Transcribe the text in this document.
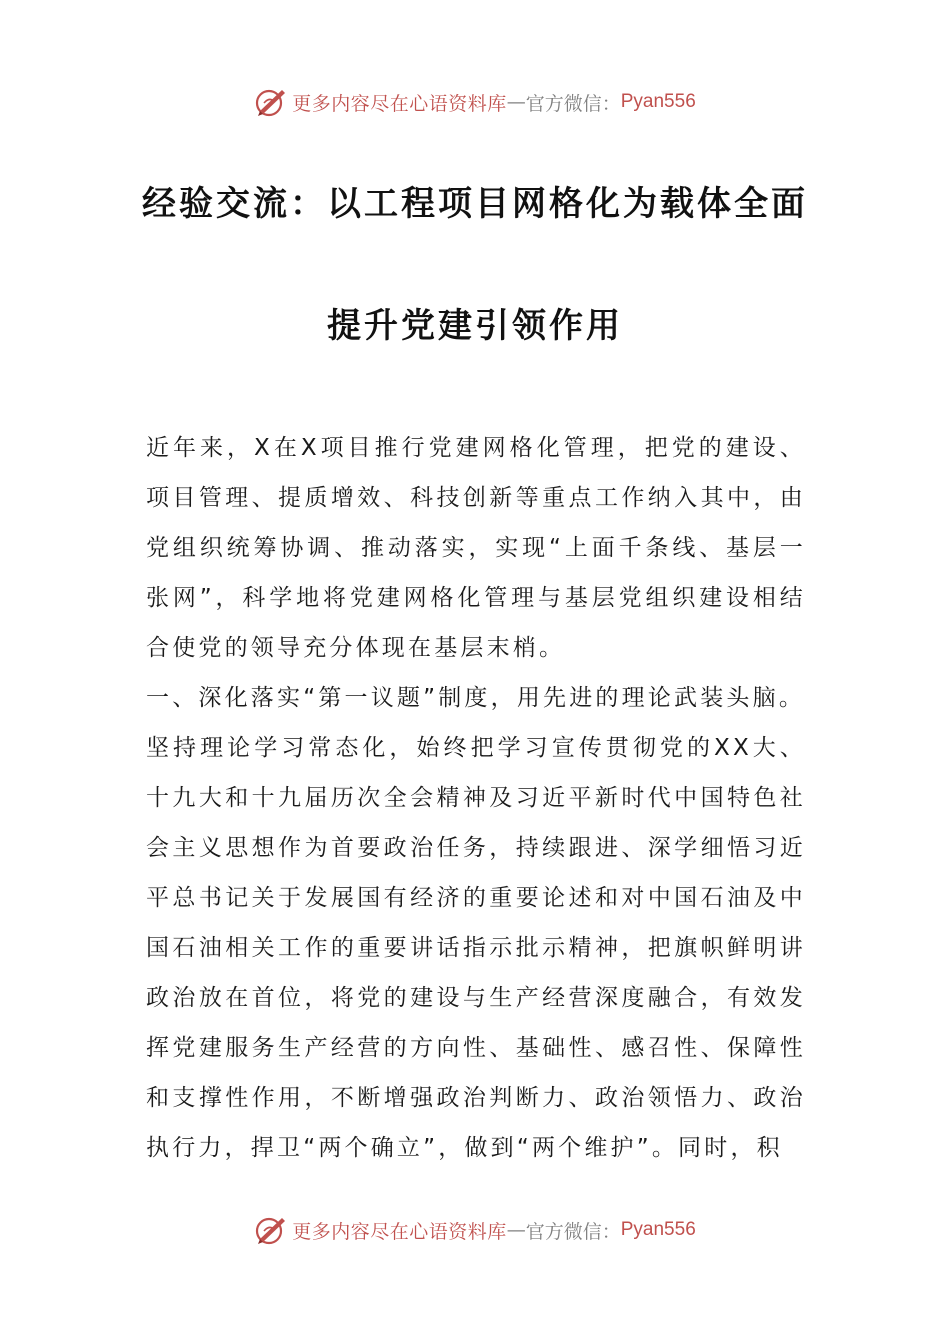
更多内容尽在心语资料库 — 官方微信： Pyan556
经验交流：以工程项目网格化为载体全面
提升党建引领作用

近年来，X在X项目推行党建网格化管理，把党的建设、项目管理、提质增效、科技创新等重点工作纳入其中，由党组织统筹协调、推动落实，实现“上面千条线、基层一张网”，科学地将党建网格化管理与基层党组织建设相结合使党的领导充分体现在基层末梢。

一、深化落实“第一议题”制度，用先进的理论武装头脑。

坚持理论学习常态化，始终把学习宣传贯彻党的XX大、十九大和十九届历次全会精神及习近平新时代中国特色社会主义思想作为首要政治任务，持续跟进、深学细悟习近平总书记关于发展国有经济的重要论述和对中国石油及中国石油相关工作的重要讲话指示批示精神，把旗帜鲜明讲政治放在首位，将党的建设与生产经营深度融合，有效发挥党建服务生产经营的方向性、基础性、感召性、保障性和支撑性作用，不断增强政治判断力、政治领悟力、政治执行力，捍卫“两个确立”，做到“两个维护”。同时，积

更多内容尽在心语资料库 — 官方微信： Pyan556
